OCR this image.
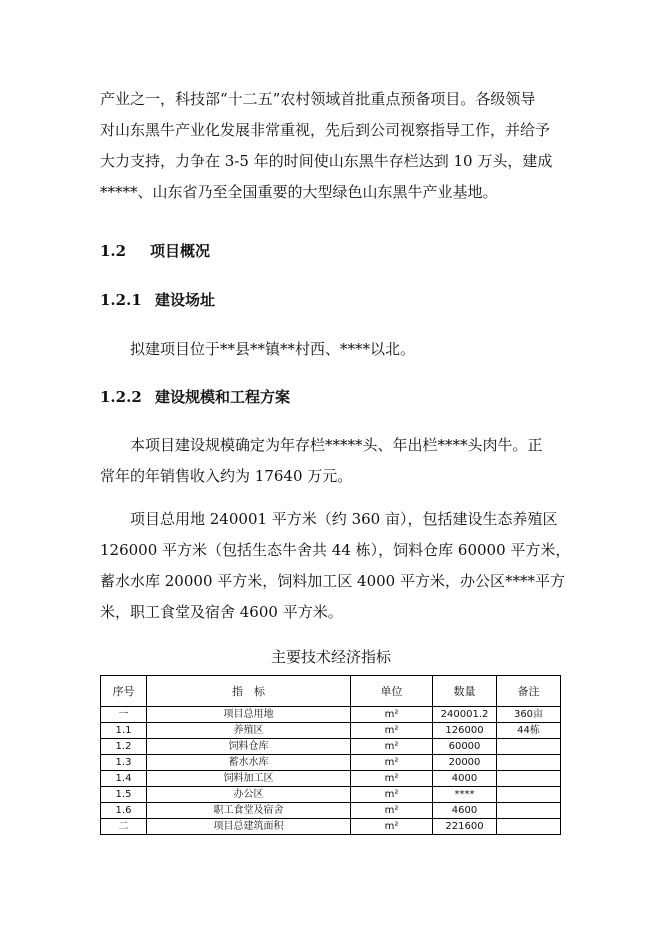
产业之一，科技部“十二五”农村领域首批重点预备项目。各级领导
对山东黑牛产业化发展非常重视，先后到公司视察指导工作，并给予
大力支持，力争在 3-5 年的时间使山东黑牛存栏达到 10 万头，建成
*****、山东省乃至全国重要的大型绿色山东黑牛产业基地。
1.2 项目概况
1.2.1 建设场址
拟建项目位于**县**镇**村西、****以北。
1.2.2 建设规模和工程方案
本项目建设规模确定为年存栏*****头、年出栏****头肉牛。正
常年的年销售收入约为 17640 万元。
项目总用地 240001 平方米（约 360 亩），包括建设生态养殖区
126000 平方米（包括生态牛舍共 44 栋），饲料仓库 60000 平方米，
蓄水水库 20000 平方米，饲料加工区 4000 平方米，办公区****平方
米，职工食堂及宿舍 4600 平方米。
主要技术经济指标
序号	指　标	单位	数量	备注
一	项目总用地	m²	240001.2	360亩
1.1	养殖区	m²	126000	44栋
1.2	饲料仓库	m²	60000	
1.3	蓄水水库	m²	20000	
1.4	饲料加工区	m²	4000	
1.5	办公区	m²	****	
1.6	职工食堂及宿舍	m²	4600	
二	项目总建筑面积	m²	221600	
